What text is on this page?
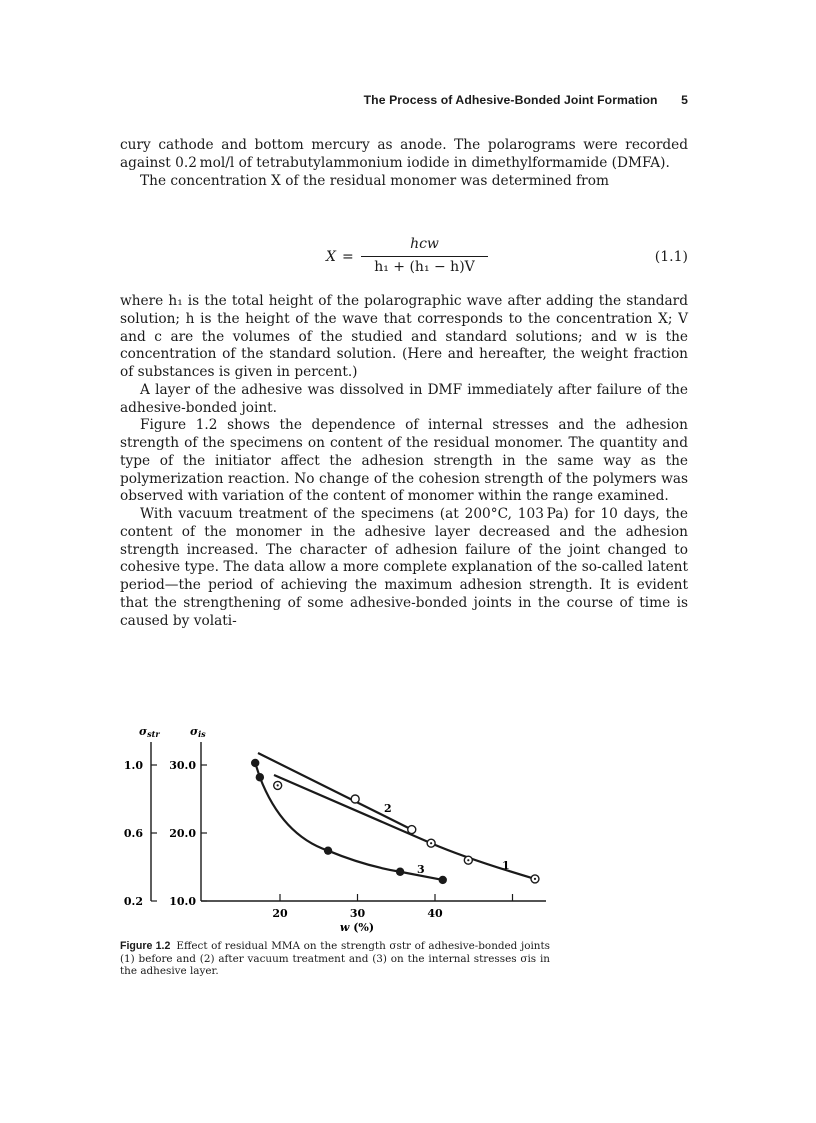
The Process of Adhesive-Bonded Joint Formation 5

cury cathode and bottom mercury as anode. The polarograms were recorded against 0.2 mol/l of tetrabutylammonium iodide in dimethylformamide (DMFA).

The concentration X of the residual monomer was determined from

X =
hcw
h₁ + (h₁ − h)V
(1.1)

where h₁ is the total height of the polarographic wave after adding the standard solution; h is the height of the wave that corresponds to the concentration X; V and c are the volumes of the studied and standard solutions; and w is the concentration of the standard solution. (Here and hereafter, the weight fraction of substances is given in percent.)

A layer of the adhesive was dissolved in DMF immediately after failure of the adhesive-bonded joint.

Figure 1.2 shows the dependence of internal stresses and the adhesion strength of the specimens on content of the residual monomer. The quantity and type of the initiator affect the adhesion strength in the same way as the polymerization reaction. No change of the cohesion strength of the polymers was observed with variation of the content of monomer within the range examined.

With vacuum treatment of the specimens (at 200°C, 103 Pa) for 10 days, the content of the monomer in the adhesive layer decreased and the adhesion strength increased. The character of adhesion failure of the joint changed to cohesive type. The data allow a more complete explanation of the so-called latent period—the period of achieving the maximum adhesion strength. It is evident that the strengthening of some adhesive-bonded joints in the course of time is caused by volati-

σstr	σis
0.2
0.6
1.0
10.0
20.0
30.0
20	30	40
w (%)
2
1
3
Figure 1.2 Effect of residual MMA on the strength σstr of adhesive-bonded joints (1) before and (2) after vacuum treatment and (3) on the internal stresses σis in the adhesive layer.
